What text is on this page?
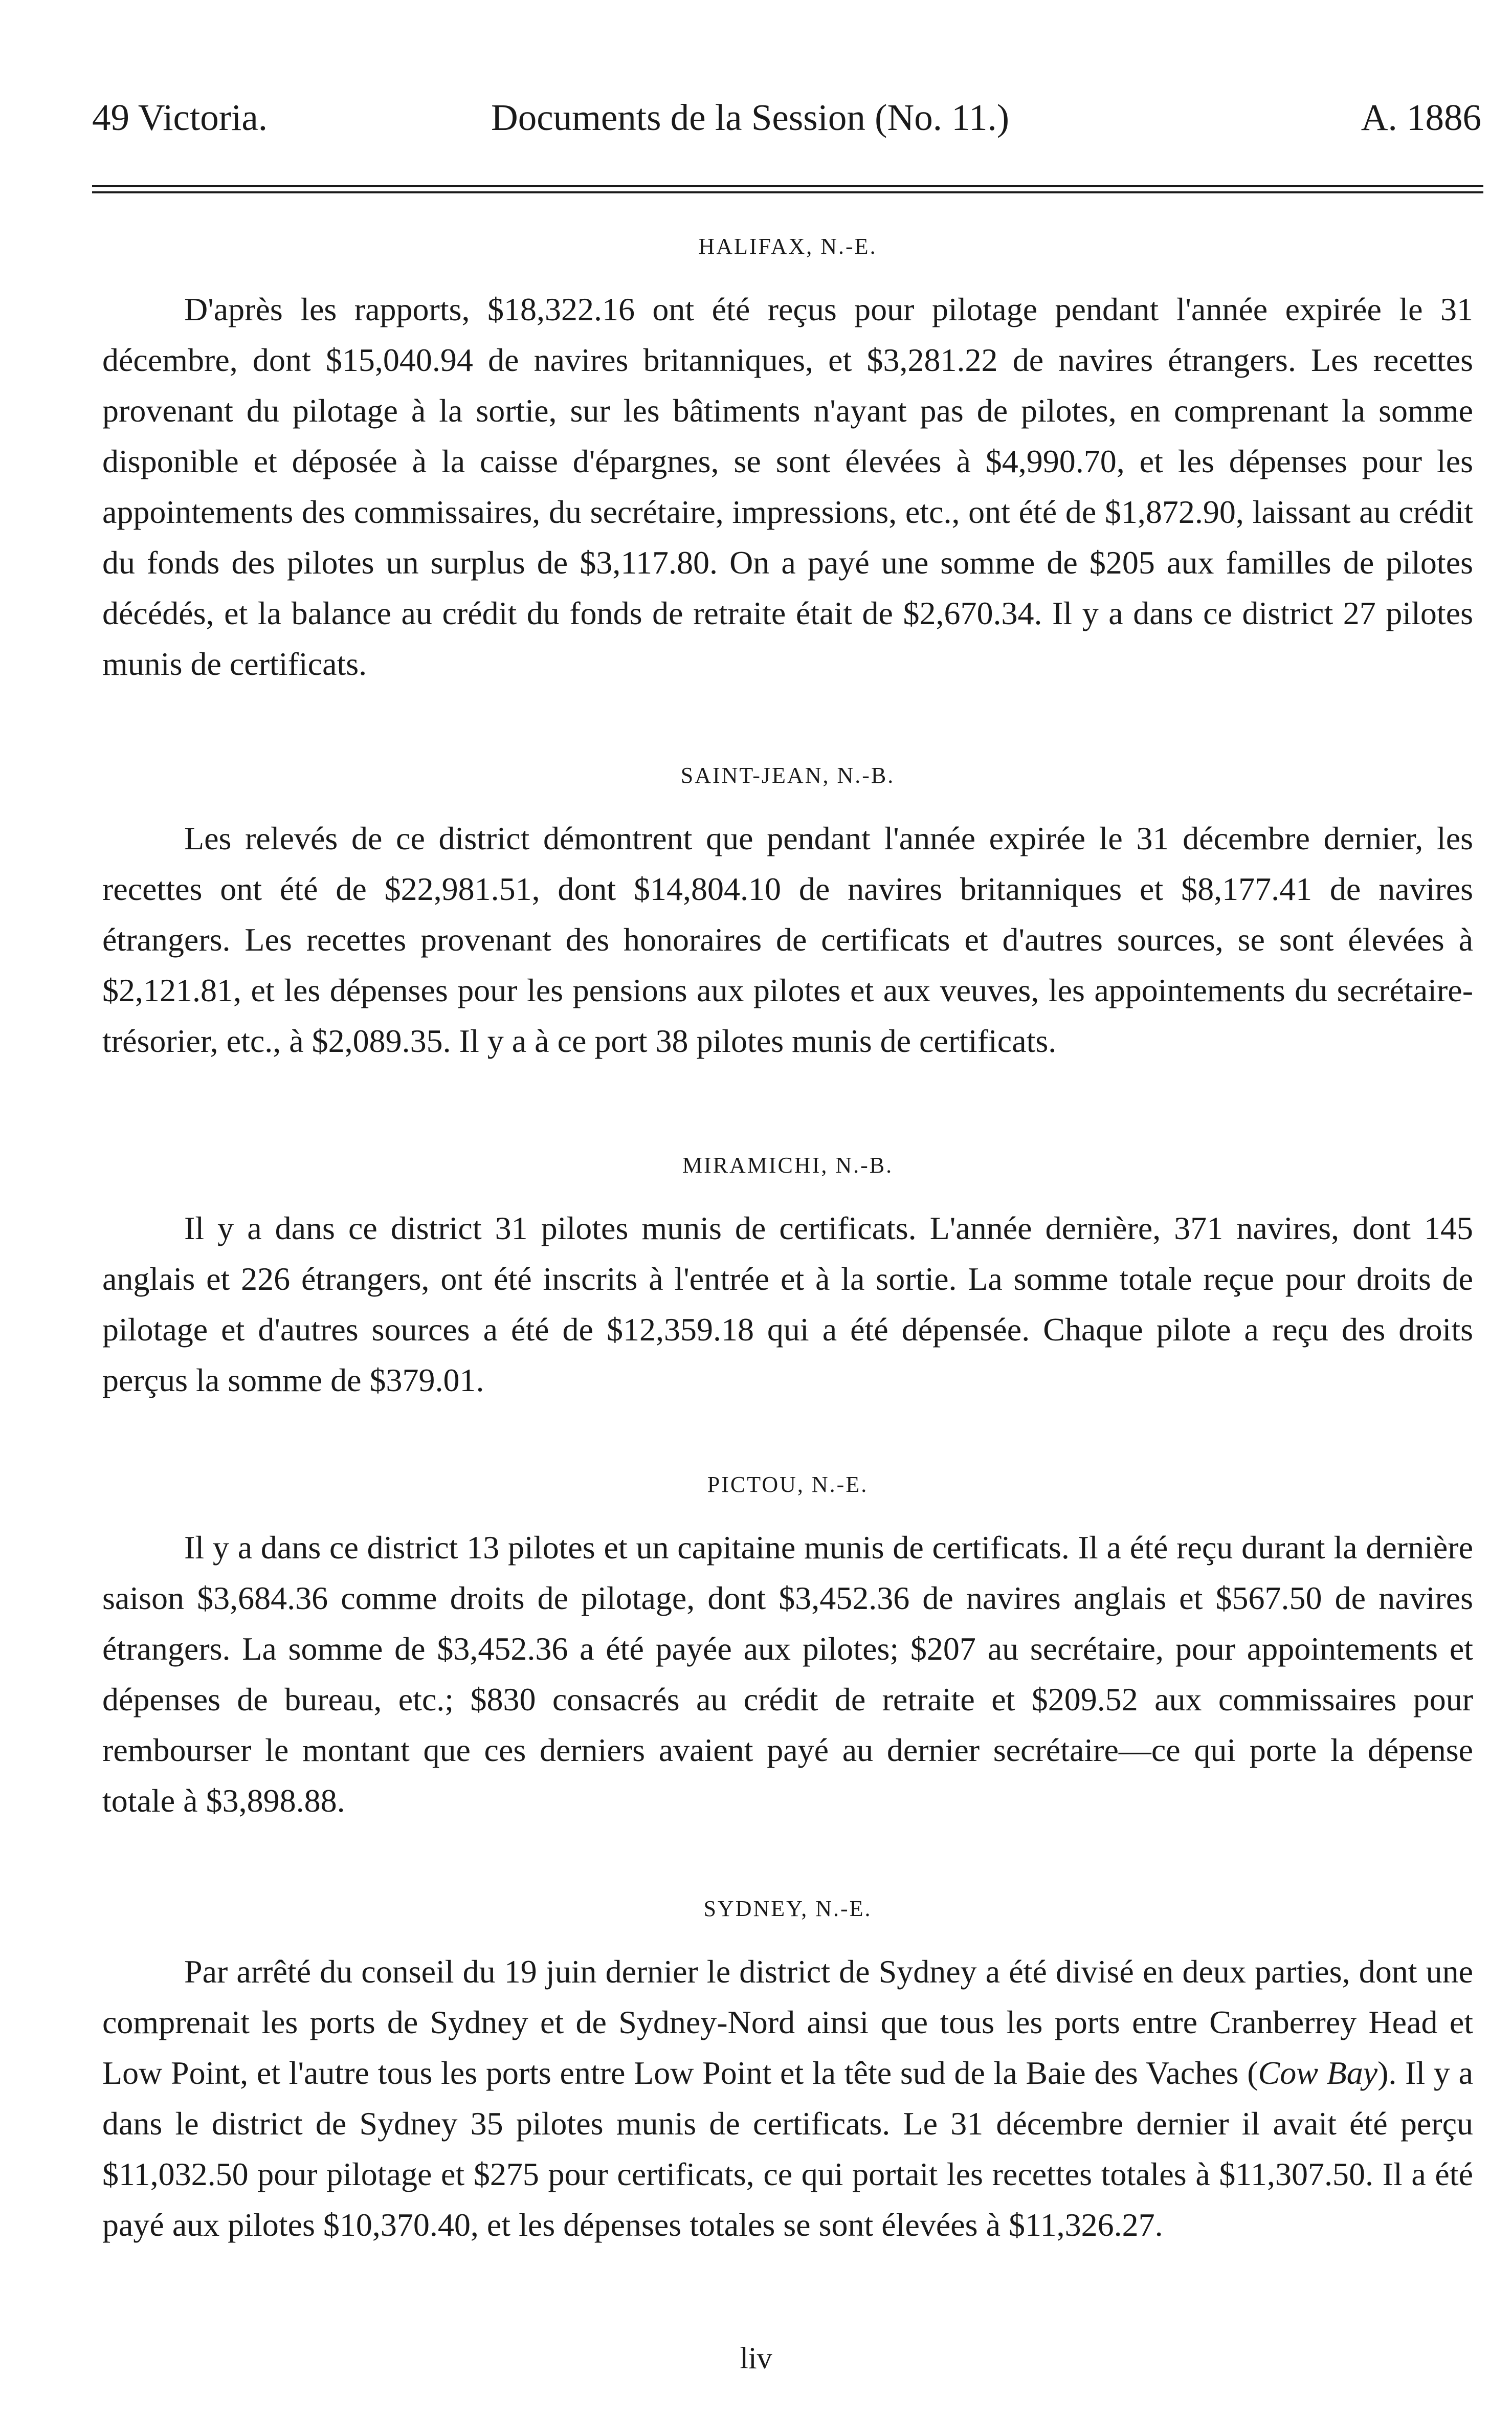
49 Victoria.	Documents de la Session (No. 11.)	A. 1886
HALIFAX, N.-E.

D'après les rapports, $18,322.16 ont été reçus pour pilotage pendant l'année expirée le 31 décembre, dont $15,040.94 de navires britanniques, et $3,281.22 de navires étrangers. Les recettes provenant du pilotage à la sortie, sur les bâtiments n'ayant pas de pilotes, en comprenant la somme disponible et déposée à la caisse d'épargnes, se sont élevées à $4,990.70, et les dépenses pour les appointements des commissaires, du secrétaire, impressions, etc., ont été de $1,872.90, laissant au crédit du fonds des pilotes un surplus de $3,117.80. On a payé une somme de $205 aux familles de pilotes décédés, et la balance au crédit du fonds de retraite était de $2,670.34. Il y a dans ce district 27 pilotes munis de certificats.

SAINT-JEAN, N.-B.

Les relevés de ce district démontrent que pendant l'année expirée le 31 décembre dernier, les recettes ont été de $22,981.51, dont $14,804.10 de navires britanniques et $8,177.41 de navires étrangers. Les recettes provenant des honoraires de certificats et d'autres sources, se sont élevées à $2,121.81, et les dépenses pour les pensions aux pilotes et aux veuves, les appointements du secrétaire-trésorier, etc., à $2,089.35. Il y a à ce port 38 pilotes munis de certificats.

MIRAMICHI, N.-B.

Il y a dans ce district 31 pilotes munis de certificats. L'année dernière, 371 navires, dont 145 anglais et 226 étrangers, ont été inscrits à l'entrée et à la sortie. La somme totale reçue pour droits de pilotage et d'autres sources a été de $12,359.18 qui a été dépensée. Chaque pilote a reçu des droits perçus la somme de $379.01.

PICTOU, N.-E.

Il y a dans ce district 13 pilotes et un capitaine munis de certificats. Il a été reçu durant la dernière saison $3,684.36 comme droits de pilotage, dont $3,452.36 de navires anglais et $567.50 de navires étrangers. La somme de $3,452.36 a été payée aux pilotes; $207 au secrétaire, pour appointements et dépenses de bureau, etc.; $830 consacrés au crédit de retraite et $209.52 aux commissaires pour rembourser le montant que ces derniers avaient payé au dernier secrétaire—ce qui porte la dépense totale à $3,898.88.

SYDNEY, N.-E.

Par arrêté du conseil du 19 juin dernier le district de Sydney a été divisé en deux parties, dont une comprenait les ports de Sydney et de Sydney-Nord ainsi que tous les ports entre Cranberrey Head et Low Point, et l'autre tous les ports entre Low Point et la tête sud de la Baie des Vaches (Cow Bay). Il y a dans le district de Sydney 35 pilotes munis de certificats. Le 31 décembre dernier il avait été perçu $11,032.50 pour pilotage et $275 pour certificats, ce qui portait les recettes totales à $11,307.50. Il a été payé aux pilotes $10,370.40, et les dépenses totales se sont élevées à $11,326.27.

liv
